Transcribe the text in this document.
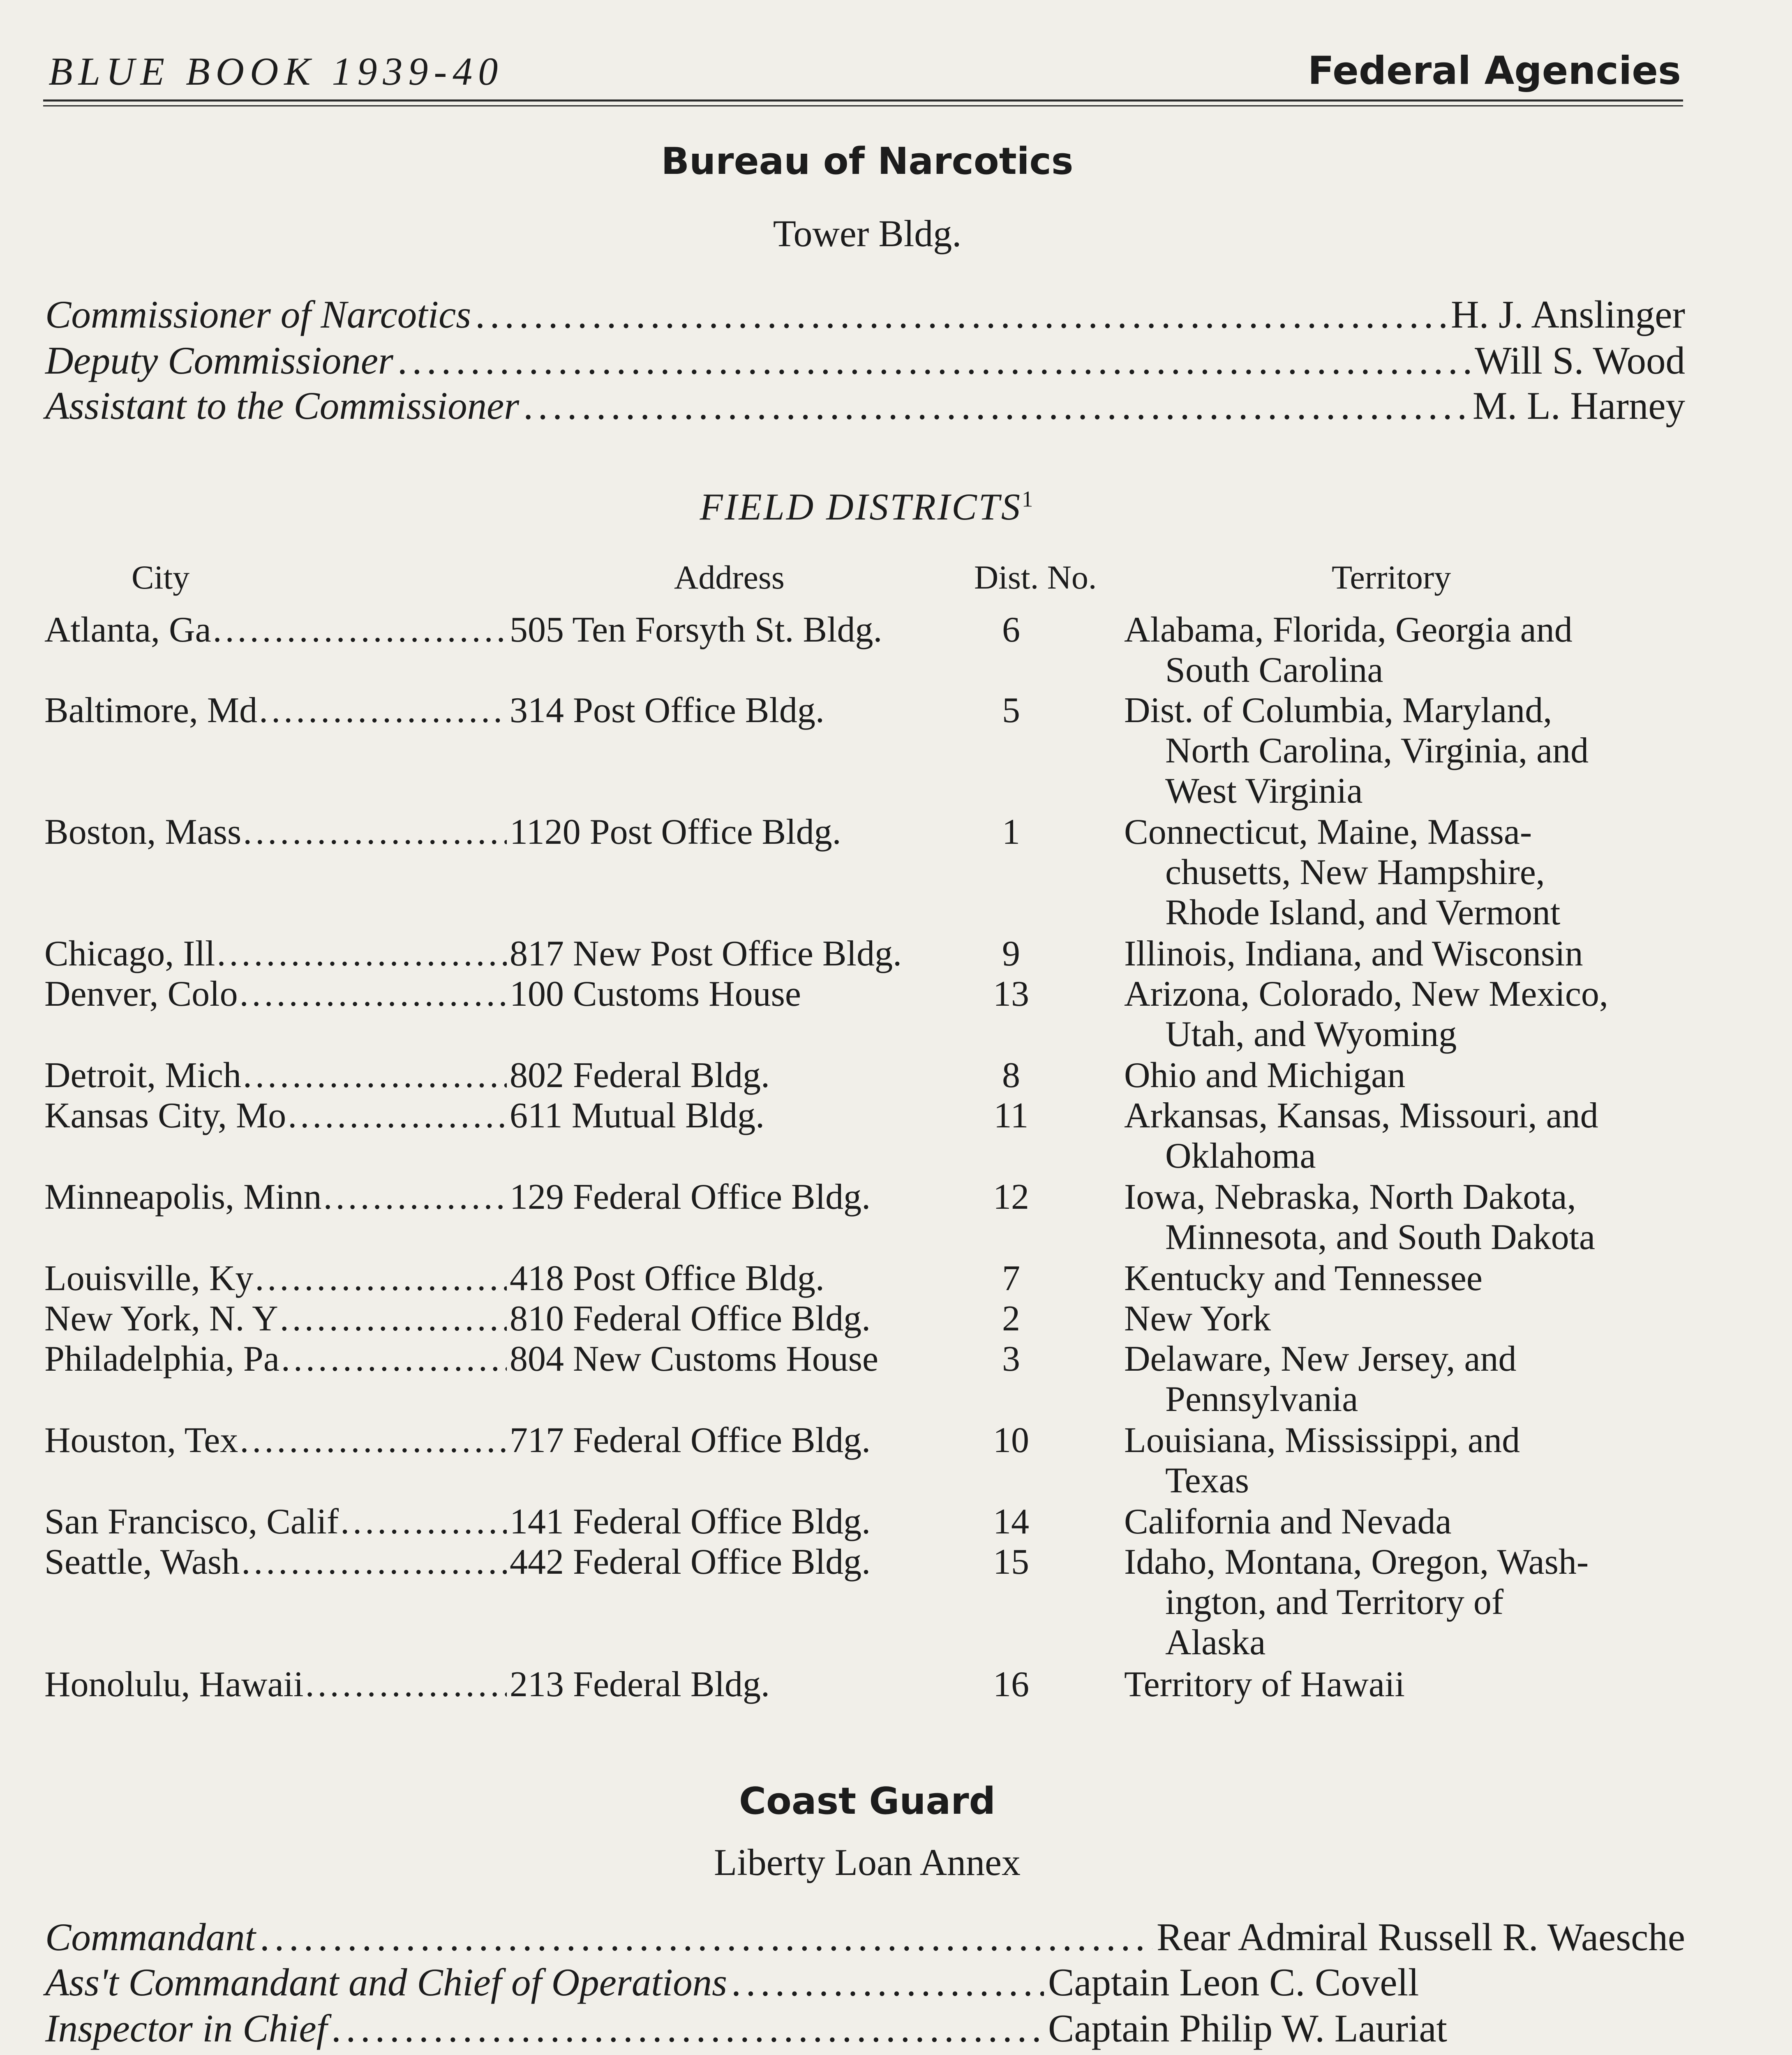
BLUE BOOK 1939-40	Federal Agencies
Bureau of Narcotics
Tower Bldg.
Commissioner of Narcotics . . .	H. J. Anslinger
Deputy Commissioner . . .	Will S. Wood
Assistant to the Commissioner . . .	M. L. Harney
FIELD DISTRICTS$^1$
City	Address	Dist. No.	Territory
Atlanta, Ga .....	505 Ten Forsyth St. Bldg.	6	Alabama, Florida, Georgia and
South Carolina
Baltimore, Md .....	314 Post Office Bldg.	5	Dist. of Columbia, Maryland,
North Carolina, Virginia, and
West Virginia
Boston, Mass .....	1120 Post Office Bldg.	1	Connecticut, Maine, Massa-
chusetts, New Hampshire,
Rhode Island, and Vermont
Chicago, Ill .....	817 New Post Office Bldg.	9	Illinois, Indiana, and Wisconsin
Denver, Colo .....	100 Customs House	13	Arizona, Colorado, New Mexico,
Utah, and Wyoming
Detroit, Mich .....	802 Federal Bldg.	8	Ohio and Michigan
Kansas City, Mo .....	611 Mutual Bldg.	11	Arkansas, Kansas, Missouri, and
Oklahoma
Minneapolis, Minn .....	129 Federal Office Bldg.	12	Iowa, Nebraska, North Dakota,
Minnesota, and South Dakota
Louisville, Ky .....	418 Post Office Bldg.	7	Kentucky and Tennessee
New York, N. Y .....	810 Federal Office Bldg.	2	New York
Philadelphia, Pa .....	804 New Customs House	3	Delaware, New Jersey, and
Pennsylvania
Houston, Tex .....	717 Federal Office Bldg.	10	Louisiana, Mississippi, and
Texas
San Francisco, Calif .....	141 Federal Office Bldg.	14	California and Nevada
Seattle, Wash .....	442 Federal Office Bldg.	15	Idaho, Montana, Oregon, Wash-
ington, and Territory of
Alaska
Honolulu, Hawaii .....	213 Federal Bldg.	16	Territory of Hawaii
Coast Guard
Liberty Loan Annex
Commandant . . .	Rear Admiral Russell R. Waesche
Ass't Commandant and Chief of Operations . . .	Captain Leon C. Covell
Inspector in Chief . . .	Captain Philip W. Lauriat
